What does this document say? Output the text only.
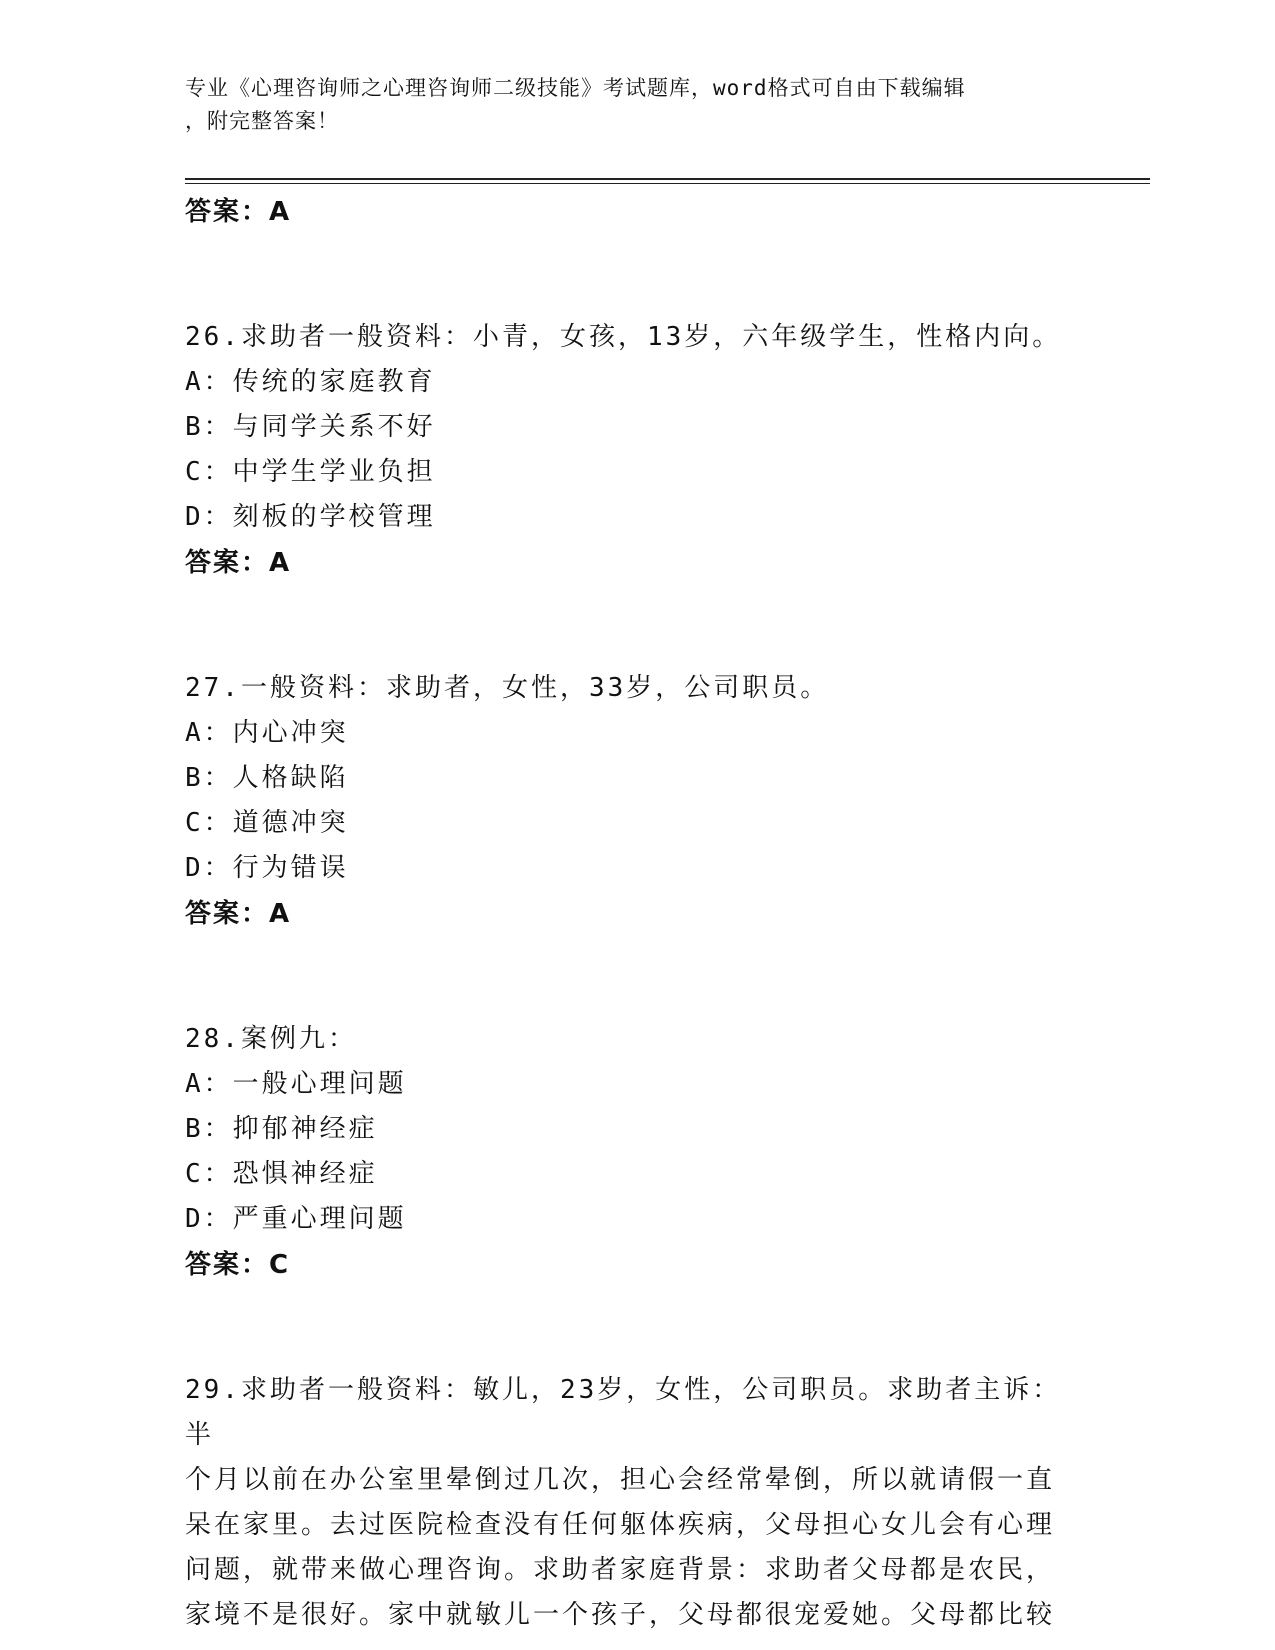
专业《心理咨询师之心理咨询师二级技能》考试题库，word格式可自由下载编辑
，附完整答案！
答案：A
26.求助者一般资料：小青，女孩，13岁，六年级学生，性格内向。
A：传统的家庭教育
B：与同学关系不好
C：中学生学业负担
D：刻板的学校管理
答案：A
27.一般资料：求助者，女性，33岁，公司职员。
A：内心冲突
B：人格缺陷
C：道德冲突
D：行为错误
答案：A
28.案例九：
A：一般心理问题
B：抑郁神经症
C：恐惧神经症
D：严重心理问题
答案：C
29.求助者一般资料：敏儿，23岁，女性，公司职员。求助者主诉：半
个月以前在办公室里晕倒过几次，担心会经常晕倒，所以就请假一直
呆在家里。去过医院检查没有任何躯体疾病，父母担心女儿会有心理
问题，就带来做心理咨询。求助者家庭背景：求助者父母都是农民，
家境不是很好。家中就敏儿一个孩子，父母都很宠爱她。父母都比较
